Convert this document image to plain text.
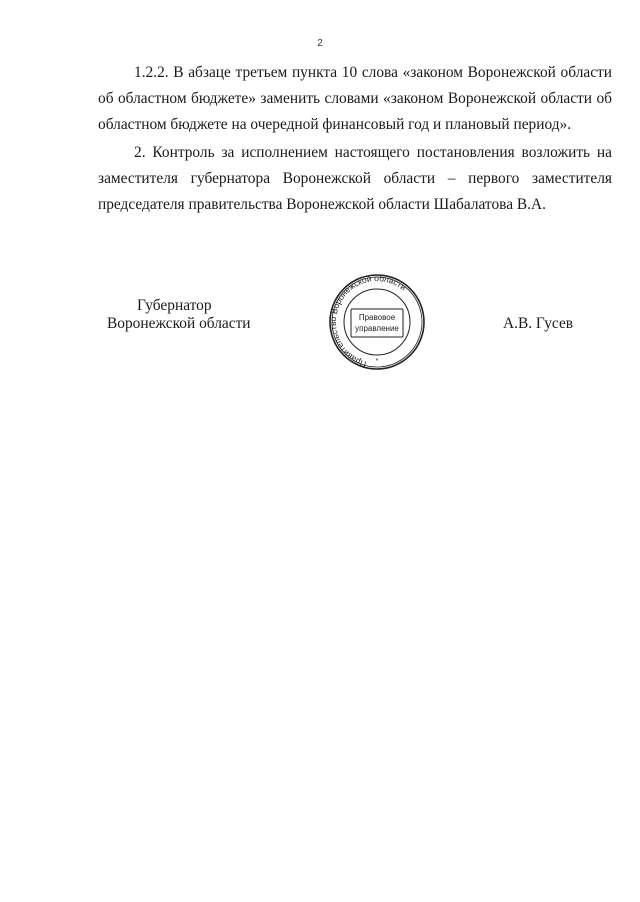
2

1.2.2. В абзаце третьем пункта 10 слова «законом Воронежской области
об областном бюджете» заменить словами «законом Воронежской области об
областном бюджете на очередной финансовый год и плановый период».

2. Контроль за исполнением настоящего постановления возложить на
заместителя губернатора Воронежской области – первого заместителя
председателя правительства Воронежской области Шабалатова В.А.

Губернатор
Воронежской области
Правительство Воронежской области
Правовое
управление
*
А.В. Гусев
